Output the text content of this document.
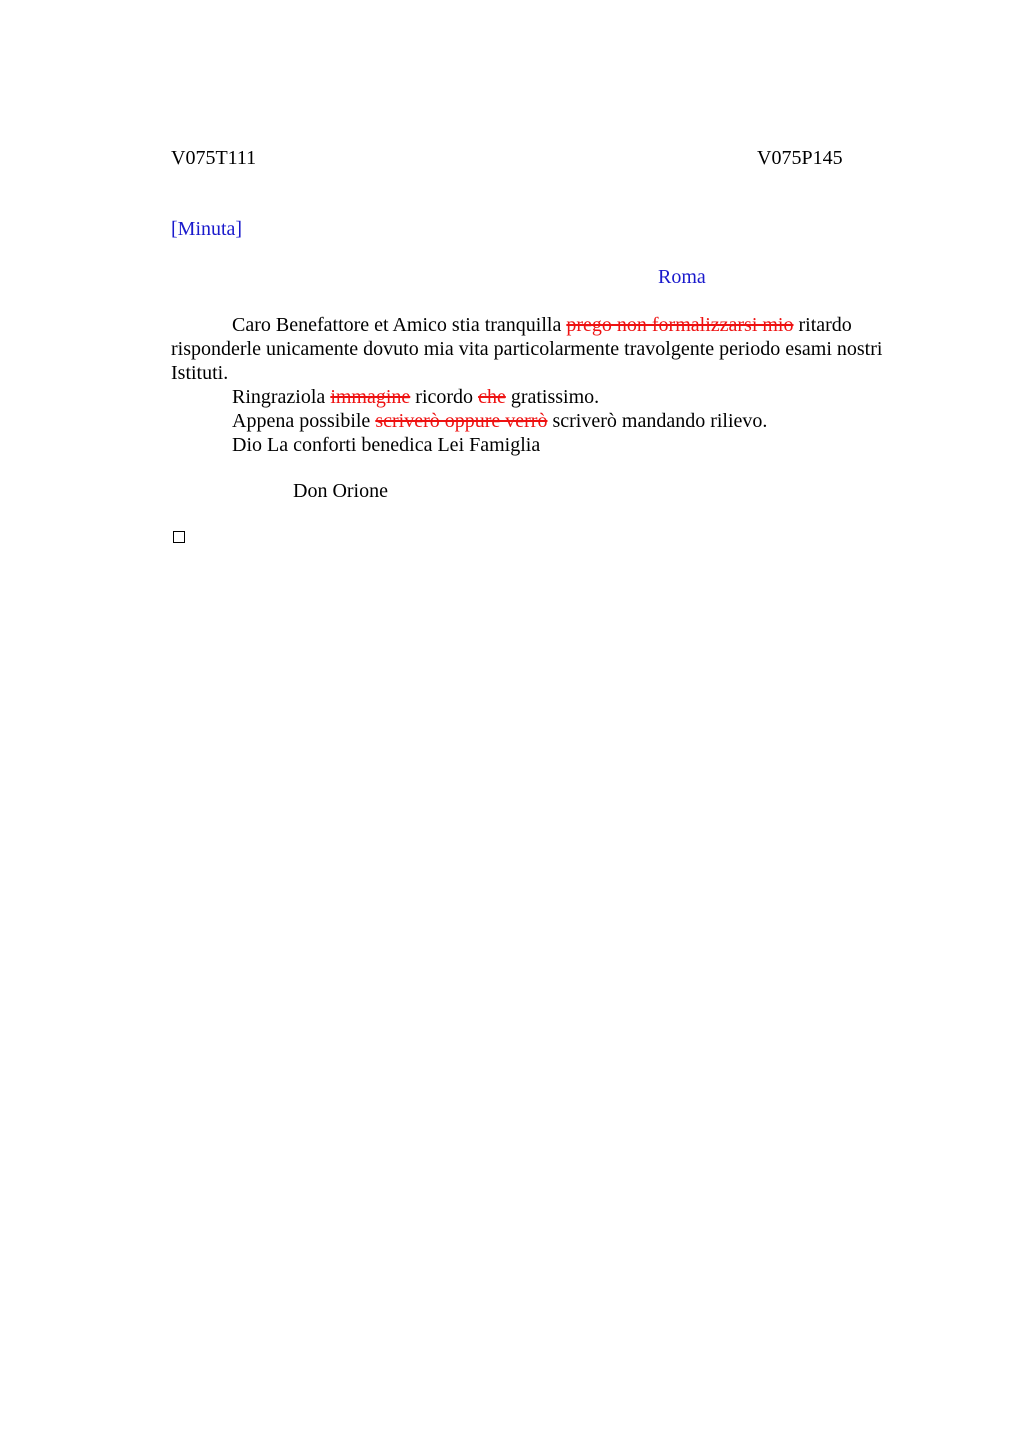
V075T111	V075P145
[Minuta]
Roma

Caro Benefattore et Amico stia tranquilla prego non formalizzarsi mio ritardo risponderle unicamente dovuto mia vita particolarmente travolgente periodo esami nostri Istituti.

Ringraziola immagine ricordo che gratissimo.

Appena possibile scriverò oppure verrò scriverò mandando rilievo.

Dio La conforti benedica Lei Famiglia

Don Orione
